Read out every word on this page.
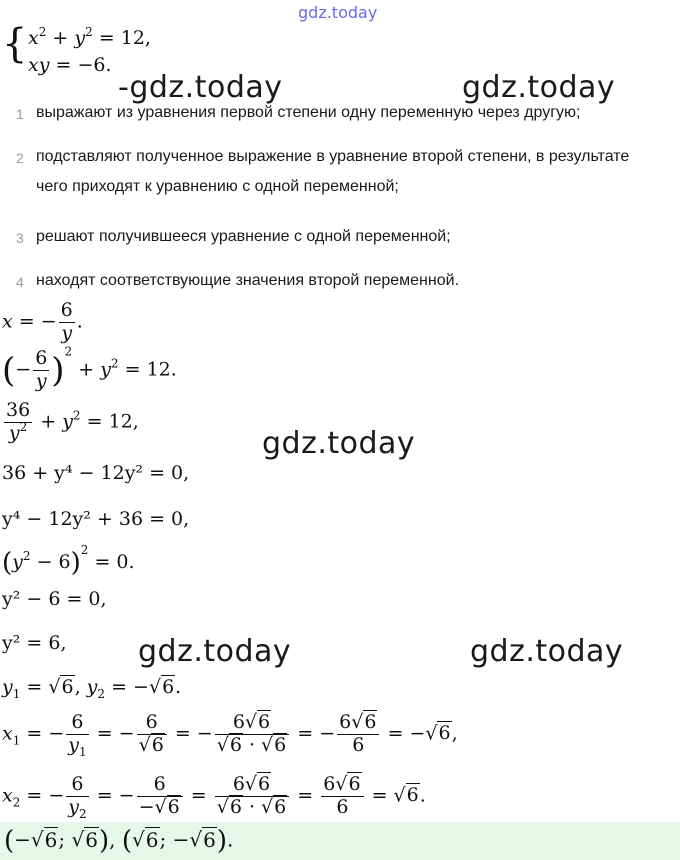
gdz.today
{ $x^2 + y^2 = 12$,
xy = −6.
-gdz.today	gdz.today
gdz.today
gdz.today	gdz.today
1 выражают из уравнения первой степени одну переменную через другую;
2 подставляют полученное выражение в уравнение второй степени, в результате чего приходят к уравнению с одной переменной;
3 решают получившееся уравнение с одной переменной;
4 находят соответствующие значения второй переменной.
x = − $\frac{6}{y}$ .
(− $\frac{6}{y} )^2 + y^2 = 12$.
$\frac{36}{y^2} + y^2 = 12$,
36 + y⁴ − 12y² = 0,
y⁴ − 12y² + 36 = 0,
$(y^2 - 6)^2 = 0$.
y² − 6 = 0,
y² = 6,
$y_1 = √6$, $y_2 = -√6$.
$x_1$ = − $\frac{6}{y_1}$ = − $\frac{6}{√6}$ = − $\frac{6√6}{√6 \cdot √6}$ = − $\frac{6√6}{6} = -√6$,
$x_2$ = − $\frac{6}{y_2}$ = − $\frac{6}{-√6} = \frac{6√6}{√6 \cdot √6} = \frac{6√6}{6} = √6$.
(−√6; √6), (√6; −√6).
